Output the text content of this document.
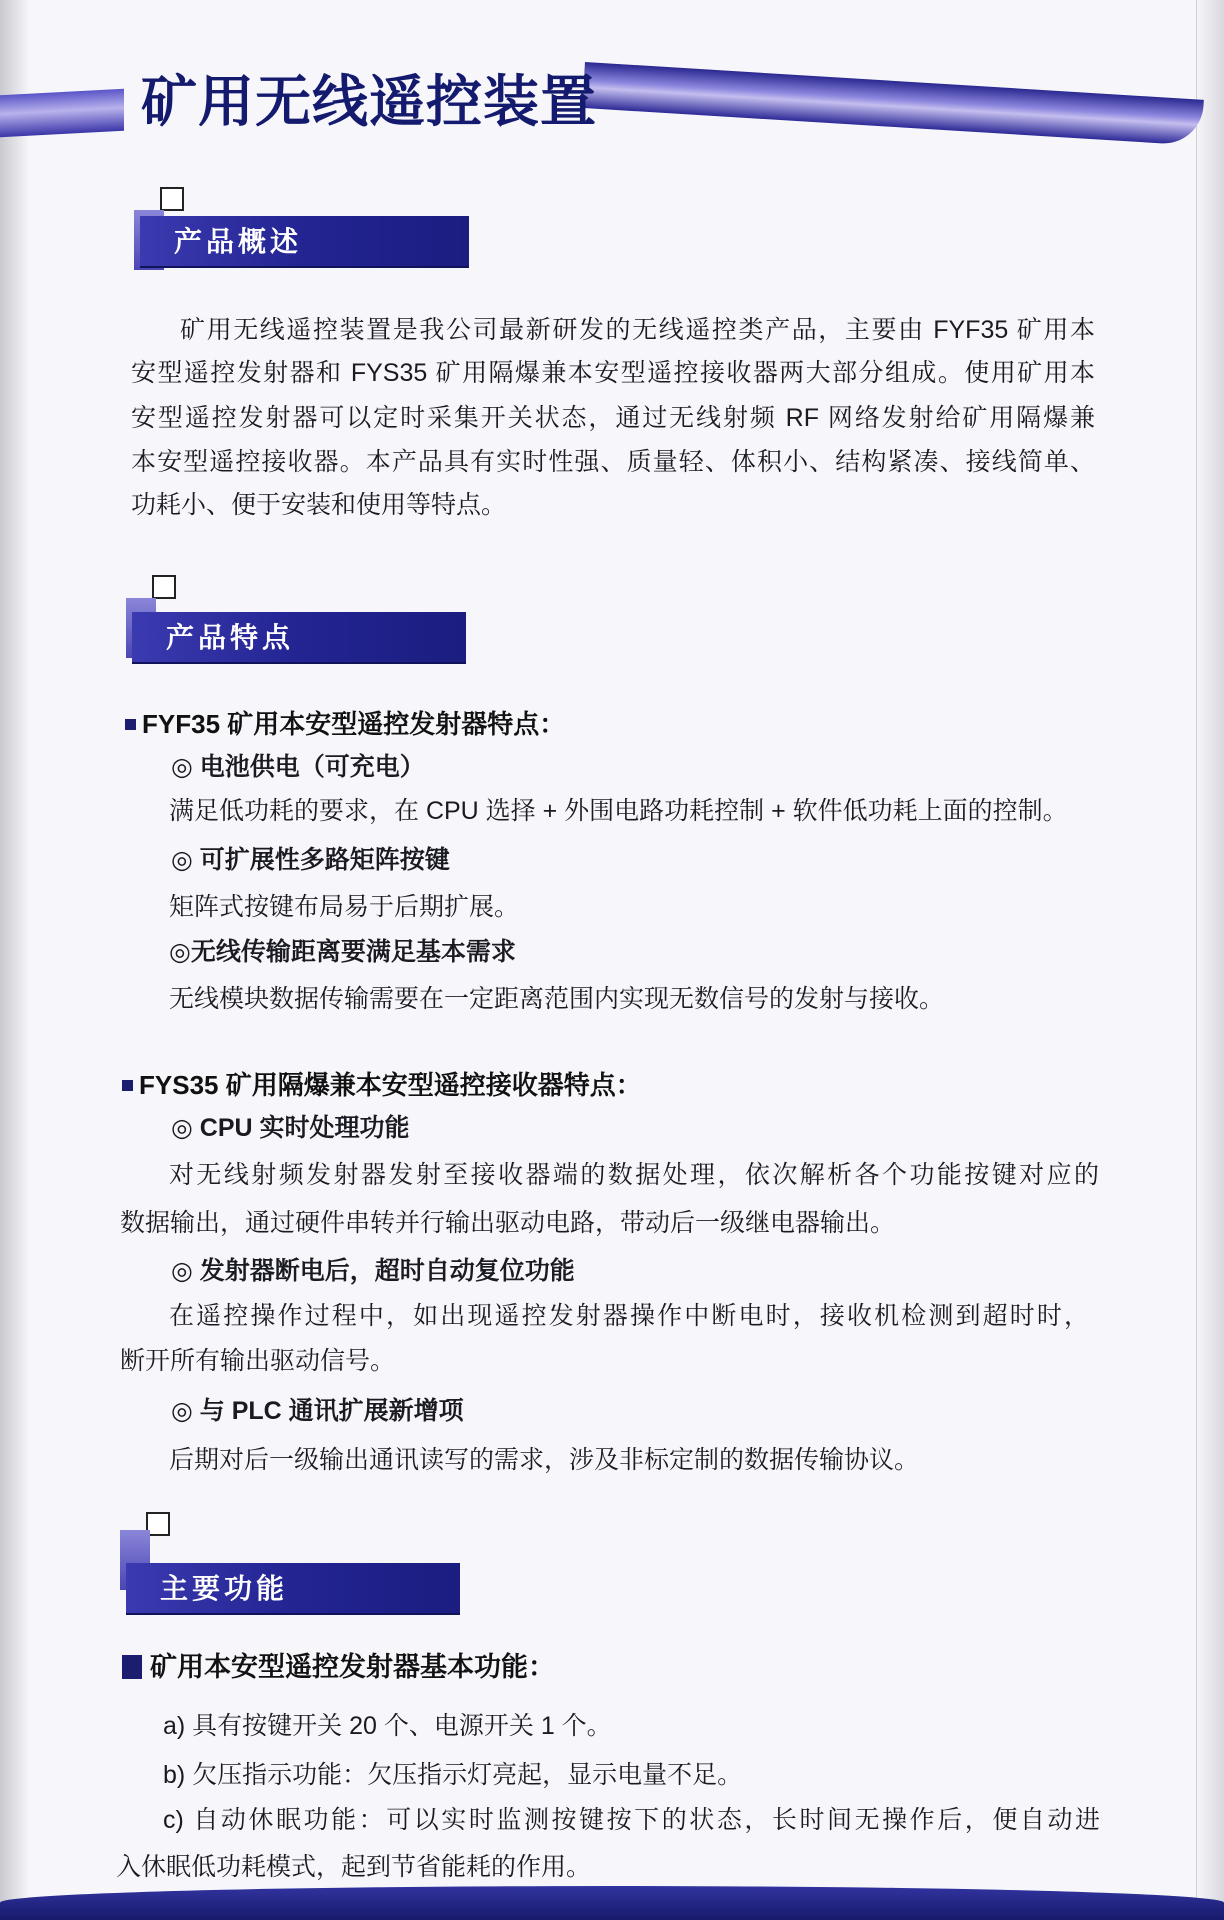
矿用无线遥控装置
产品概述
矿用无线遥控装置是我公司最新研发的无线遥控类产品，主要由 FYF35 矿用本
安型遥控发射器和 FYS35 矿用隔爆兼本安型遥控接收器两大部分组成。使用矿用本
安型遥控发射器可以定时采集开关状态，通过无线射频 RF 网络发射给矿用隔爆兼
本安型遥控接收器。本产品具有实时性强、质量轻、体积小、结构紧凑、接线简单、
功耗小、便于安装和使用等特点。
产品特点
FYF35 矿用本安型遥控发射器特点：
◎ 电池供电（可充电）
满足低功耗的要求，在 CPU 选择 + 外围电路功耗控制 + 软件低功耗上面的控制。
◎ 可扩展性多路矩阵按键
矩阵式按键布局易于后期扩展。
◎无线传输距离要满足基本需求
无线模块数据传输需要在一定距离范围内实现无数信号的发射与接收。
FYS35 矿用隔爆兼本安型遥控接收器特点：
◎ CPU 实时处理功能
对无线射频发射器发射至接收器端的数据处理，依次解析各个功能按键对应的
数据输出，通过硬件串转并行输出驱动电路，带动后一级继电器输出。
◎ 发射器断电后，超时自动复位功能
在遥控操作过程中，如出现遥控发射器操作中断电时，接收机检测到超时时，
断开所有输出驱动信号。
◎ 与 PLC 通讯扩展新增项
后期对后一级输出通讯读写的需求，涉及非标定制的数据传输协议。
主要功能
矿用本安型遥控发射器基本功能：
a) 具有按键开关 20 个、电源开关 1 个。
b) 欠压指示功能：欠压指示灯亮起，显示电量不足。
c) 自动休眠功能：可以实时监测按键按下的状态，长时间无操作后，便自动进
入休眠低功耗模式，起到节省能耗的作用。
